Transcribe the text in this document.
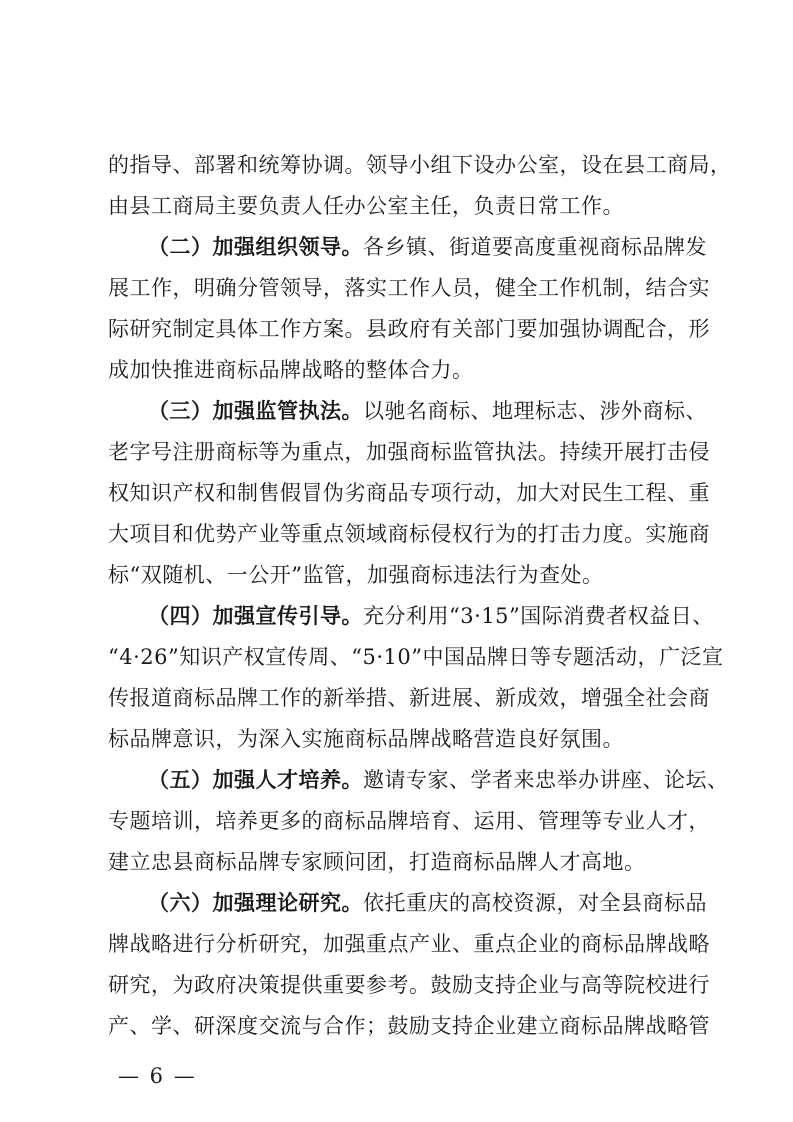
的指导、部署和统筹协调。领导小组下设办公室，设在县工商局，
由县工商局主要负责人任办公室主任，负责日常工作。
（二）加强组织领导。各乡镇、街道要高度重视商标品牌发
展工作，明确分管领导，落实工作人员，健全工作机制，结合实
际研究制定具体工作方案。县政府有关部门要加强协调配合，形
成加快推进商标品牌战略的整体合力。
（三）加强监管执法。以驰名商标、地理标志、涉外商标、
老字号注册商标等为重点，加强商标监管执法。持续开展打击侵
权知识产权和制售假冒伪劣商品专项行动，加大对民生工程、重
大项目和优势产业等重点领域商标侵权行为的打击力度。实施商
标“双随机、一公开”监管，加强商标违法行为查处。
（四）加强宣传引导。充分利用“3·15”国际消费者权益日、
“4·26”知识产权宣传周、“5·10”中国品牌日等专题活动，广泛宣
传报道商标品牌工作的新举措、新进展、新成效，增强全社会商
标品牌意识，为深入实施商标品牌战略营造良好氛围。
（五）加强人才培养。邀请专家、学者来忠举办讲座、论坛、
专题培训，培养更多的商标品牌培育、运用、管理等专业人才，
建立忠县商标品牌专家顾问团，打造商标品牌人才高地。
（六）加强理论研究。依托重庆的高校资源，对全县商标品
牌战略进行分析研究，加强重点产业、重点企业的商标品牌战略
研究，为政府决策提供重要参考。鼓励支持企业与高等院校进行
— 6 —
产、学、研深度交流与合作；鼓励支持企业建立商标品牌战略管
